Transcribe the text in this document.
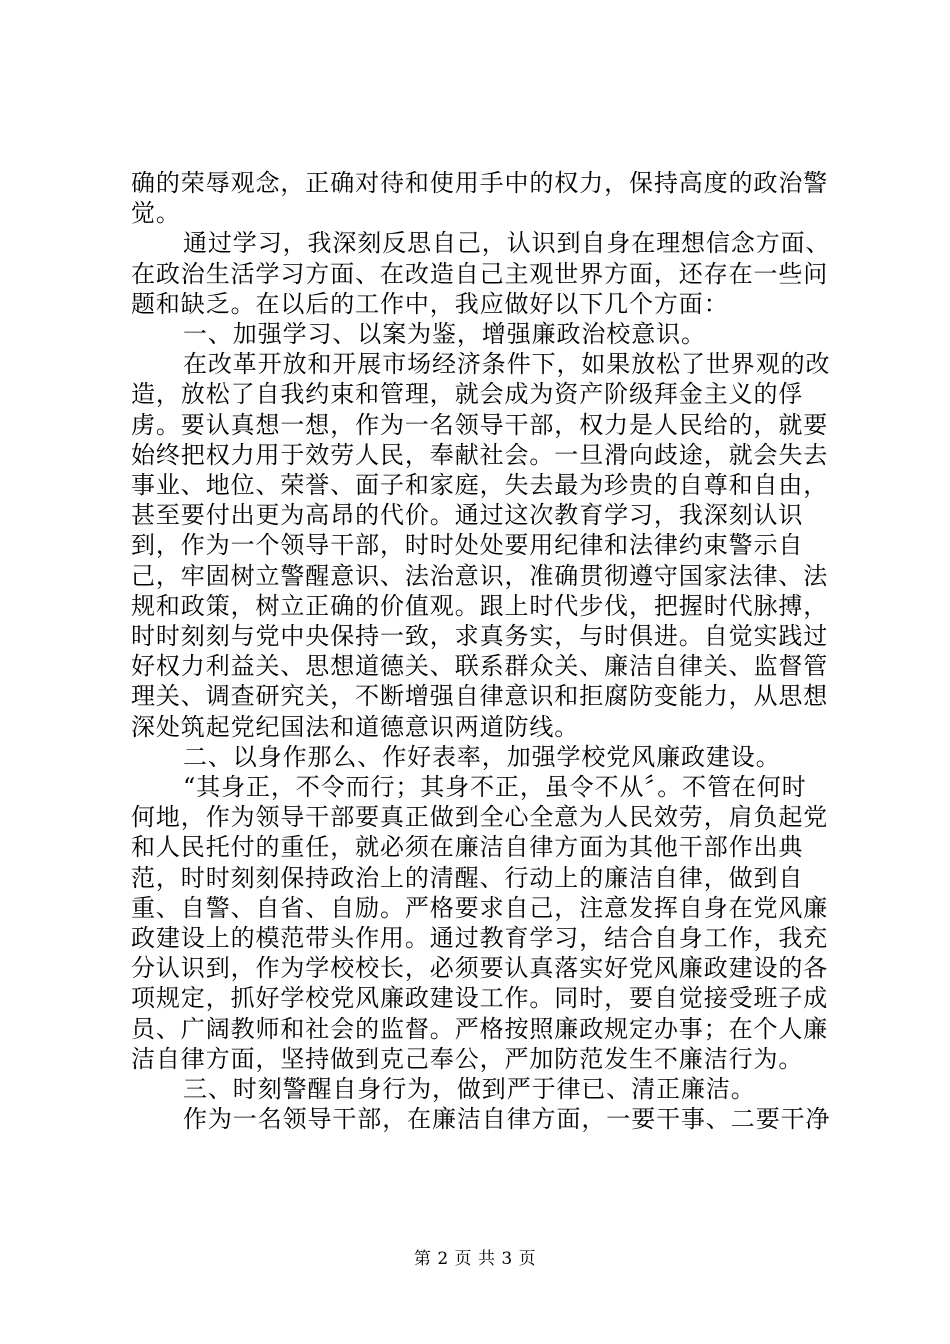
确的荣辱观念，正确对待和使用手中的权力，保持高度的政治警觉。

通过学习，我深刻反思自己，认识到自身在理想信念方面、在政治生活学习方面、在改造自己主观世界方面，还存在一些问题和缺乏。在以后的工作中，我应做好以下几个方面：

一、加强学习、以案为鉴，增强廉政治校意识。

在改革开放和开展市场经济条件下，如果放松了世界观的改造，放松了自我约束和管理，就会成为资产阶级拜金主义的俘虏。要认真想一想，作为一名领导干部，权力是人民给的，就要始终把权力用于效劳人民，奉献社会。一旦滑向歧途，就会失去事业、地位、荣誉、面子和家庭，失去最为珍贵的自尊和自由，甚至要付出更为高昂的代价。通过这次教育学习，我深刻认识到，作为一个领导干部，时时处处要用纪律和法律约束警示自己，牢固树立警醒意识、法治意识，准确贯彻遵守国家法律、法规和政策，树立正确的价值观。跟上时代步伐，把握时代脉搏，时时刻刻与党中央保持一致，求真务实，与时俱进。自觉实践过好权力利益关、思想道德关、联系群众关、廉洁自律关、监督管理关、调查研究关，不断增强自律意识和拒腐防变能力，从思想深处筑起党纪国法和道德意识两道防线。

二、以身作那么、作好表率，加强学校党风廉政建设。

“其身正，不令而行；其身不正，虽令不从〞。不管在何时何地，作为领导干部要真正做到全心全意为人民效劳，肩负起党和人民托付的重任，就必须在廉洁自律方面为其他干部作出典范，时时刻刻保持政治上的清醒、行动上的廉洁自律，做到自重、自警、自省、自励。严格要求自己，注意发挥自身在党风廉政建设上的模范带头作用。通过教育学习，结合自身工作，我充分认识到，作为学校校长，必须要认真落实好党风廉政建设的各项规定，抓好学校党风廉政建设工作。同时，要自觉接受班子成员、广阔教师和社会的监督。严格按照廉政规定办事；在个人廉洁自律方面，坚持做到克己奉公，严加防范发生不廉洁行为。

三、时刻警醒自身行为，做到严于律已、清正廉洁。

作为一名领导干部，在廉洁自律方面，一要干事、二要干净

第 2 页 共 3 页
